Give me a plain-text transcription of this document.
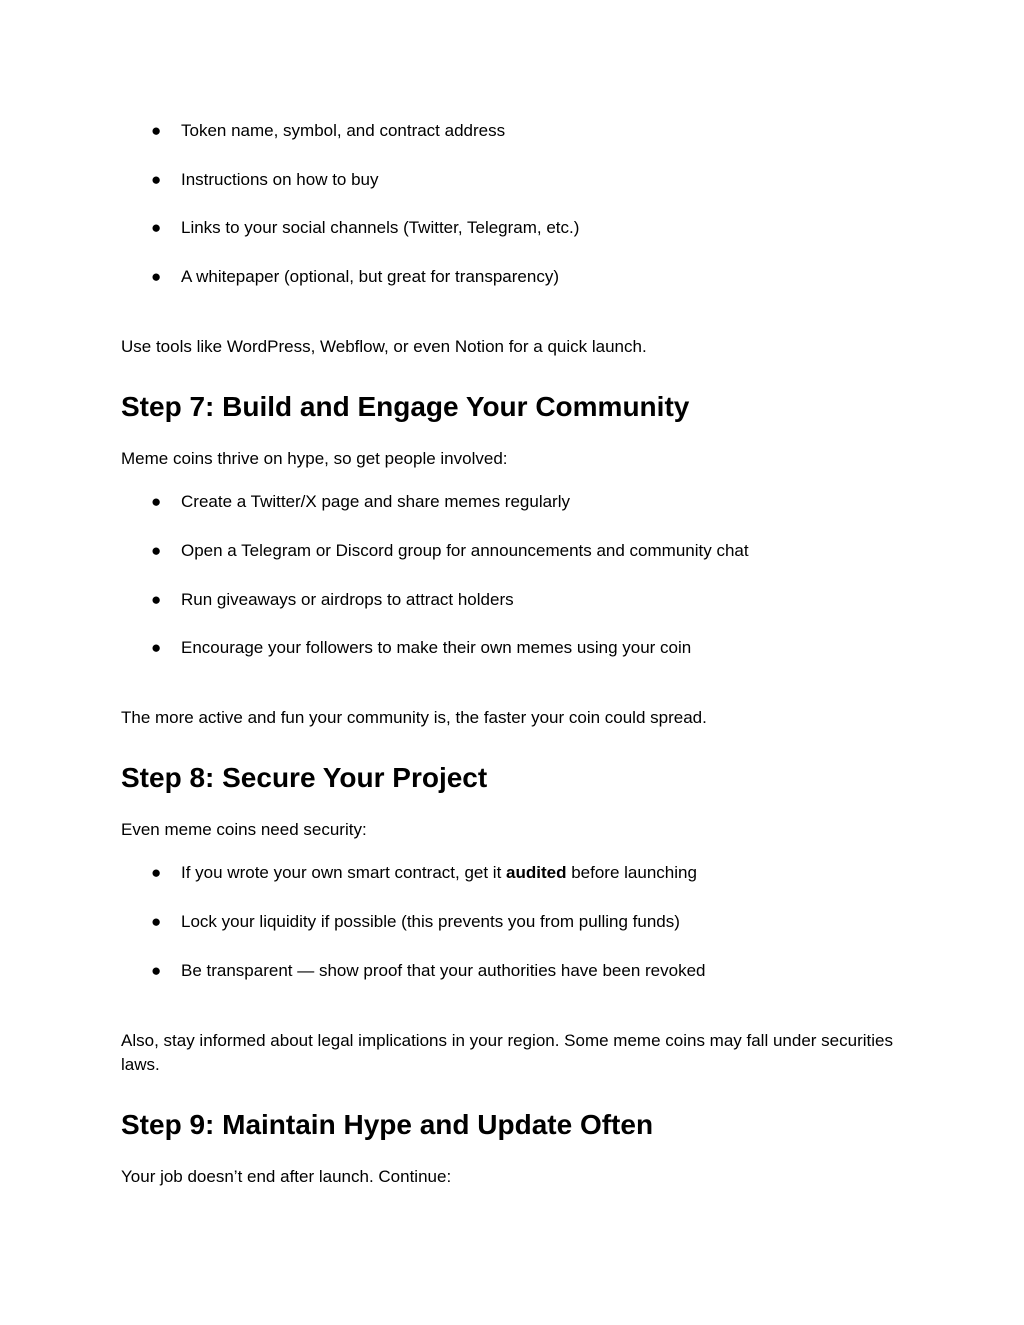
● Token name, symbol, and contract address
● Instructions on how to buy
● Links to your social channels (Twitter, Telegram, etc.)
● A whitepaper (optional, but great for transparency)
Use tools like WordPress, Webflow, or even Notion for a quick launch.
Step 7: Build and Engage Your Community
Meme coins thrive on hype, so get people involved:
● Create a Twitter/X page and share memes regularly
● Open a Telegram or Discord group for announcements and community chat
● Run giveaways or airdrops to attract holders
● Encourage your followers to make their own memes using your coin
The more active and fun your community is, the faster your coin could spread.
Step 8: Secure Your Project
Even meme coins need security:
● If you wrote your own smart contract, get it audited before launching
● Lock your liquidity if possible (this prevents you from pulling funds)
● Be transparent — show proof that your authorities have been revoked
Also, stay informed about legal implications in your region. Some meme coins may fall under securities laws.
Step 9: Maintain Hype and Update Often
Your job doesn’t end after launch. Continue:
